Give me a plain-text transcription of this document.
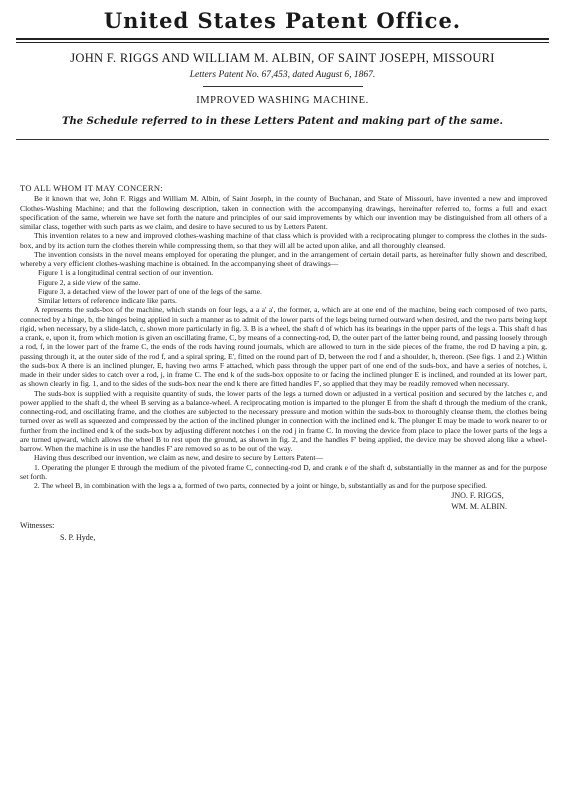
United States Patent Office.
JOHN F. RIGGS AND WILLIAM M. ALBIN, OF SAINT JOSEPH, MISSOURI
Letters Patent No. 67,453, dated August 6, 1867.
IMPROVED WASHING MACHINE.
The Schedule referred to in these Letters Patent and making part of the same.

TO ALL WHOM IT MAY CONCERN:

Be it known that we, John F. Riggs and William M. Albin, of Saint Joseph, in the county of Buchanan, and State of Missouri, have invented a new and improved Clothes-Washing Machine; and that the following description, taken in connection with the accompanying drawings, hereinafter referred to, forms a full and exact specification of the same, wherein we have set forth the nature and principles of our said improvements by which our invention may be distinguished from all others of a similar class, together with such parts as we claim, and desire to have secured to us by Letters Patent.

This invention relates to a new and improved clothes-washing machine of that class which is provided with a reciprocating plunger to compress the clothes in the suds-box, and by its action turn the clothes therein while compressing them, so that they will all be acted upon alike, and all thoroughly cleansed.

The invention consists in the novel means employed for operating the plunger, and in the arrangement of certain detail parts, as hereinafter fully shown and described, whereby a very efficient clothes-washing machine is obtained. In the accompanying sheet of drawings—

Figure 1 is a longitudinal central section of our invention.

Figure 2, a side view of the same.

Figure 3, a detached view of the lower part of one of the legs of the same.

Similar letters of reference indicate like parts.

A represents the suds-box of the machine, which stands on four legs, a a a' a', the former, a, which are at one end of the machine, being each composed of two parts, connected by a hinge, b, the hinges being applied in such a manner as to admit of the lower parts of the legs being turned outward when desired, and the two parts being kept rigid, when necessary, by a slide-latch, c, shown more particularly in fig. 3. B is a wheel, the shaft d of which has its bearings in the upper parts of the legs a. This shaft d has a crank, e, upon it, from which motion is given an oscillating frame, C, by means of a connecting-rod, D, the outer part of the latter being round, and passing loosely through a rod, f, in the lower part of the frame C, the ends of the rods having round journals, which are allowed to turn in the side pieces of the frame, the rod D having a pin, g, passing through it, at the outer side of the rod f, and a spiral spring, E', fitted on the round part of D, between the rod f and a shoulder, h, thereon. (See figs. 1 and 2.) Within the suds-box A there is an inclined plunger, E, having two arms F attached, which pass through the upper part of one end of the suds-box, and have a series of notches, i, made in their under sides to catch over a rod, j, in frame C. The end k of the suds-box opposite to or facing the inclined plunger E is inclined, and rounded at its lower part, as shown clearly in fig. 1, and to the sides of the suds-box near the end k there are fitted handles F', so applied that they may be readily removed when necessary.

The suds-box is supplied with a requisite quantity of suds, the lower parts of the legs a turned down or adjusted in a vertical position and secured by the latches c, and power applied to the shaft d, the wheel B serving as a balance-wheel. A reciprocating motion is imparted to the plunger E from the shaft d through the medium of the crank, connecting-rod, and oscillating frame, and the clothes are subjected to the necessary pressure and motion within the suds-box to thoroughly cleanse them, the clothes being turned over as well as squeezed and compressed by the action of the inclined plunger in connection with the inclined end k. The plunger E may be made to work nearer to or further from the inclined end k of the suds-box by adjusting different notches i on the rod j in frame C. In moving the device from place to place the lower parts of the legs a are turned upward, which allows the wheel B to rest upon the ground, as shown in fig. 2, and the handles F' being applied, the device may be shoved along like a wheel-barrow. When the machine is in use the handles F' are removed so as to be out of the way.

Having thus described our invention, we claim as new, and desire to secure by Letters Patent—

1. Operating the plunger E through the medium of the pivoted frame C, connecting-rod D, and crank e of the shaft d, substantially in the manner as and for the purpose set forth.

2. The wheel B, in combination with the legs a a, formed of two parts, connected by a joint or hinge, b, substantially as and for the purpose specified.

JNO. F. RIGGS,
WM. M. ALBIN.
Witnesses:
S. P. Hyde,
